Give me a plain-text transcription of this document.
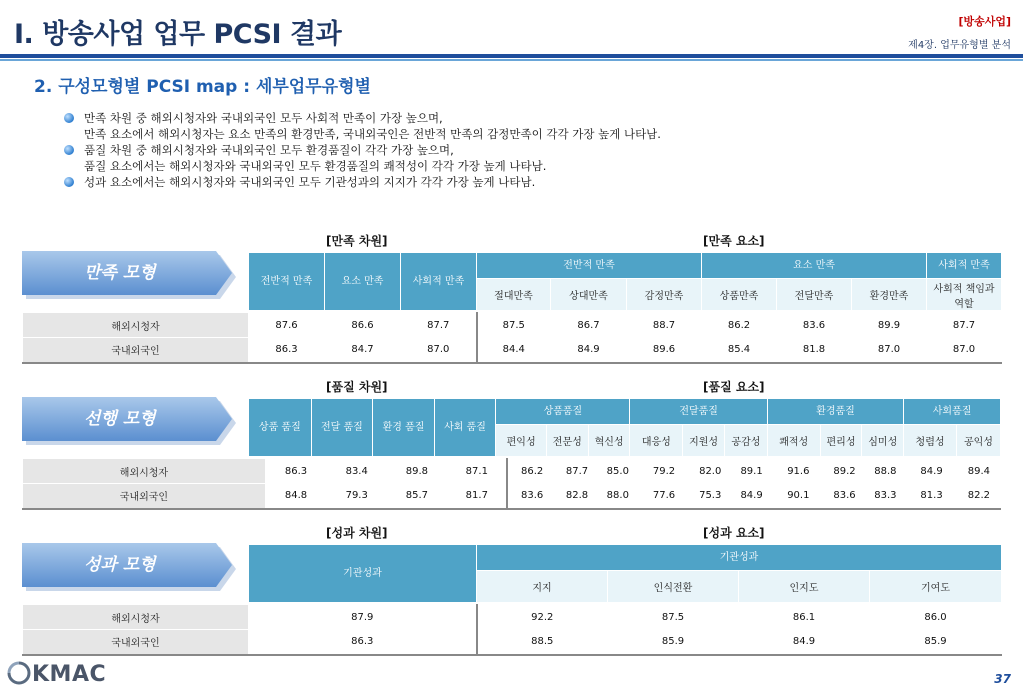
I. 방송사업 업무 PCSI 결과	[방송사업]
제4장. 업무유형별 분석
2. 구성모형별 PCSI map : 세부업무유형별
만족 차원 중 해외시청자와 국내외국인 모두 사회적 만족이 가장 높으며,
만족 요소에서 해외시청자는 요소 만족의 환경만족, 국내외국인은 전반적 만족의 감정만족이 각각 가장 높게 나타남.
품질 차원 중 해외시청자와 국내외국인 모두 환경품질이 각각 가장 높으며,
품질 요소에서는 해외시청자와 국내외국인 모두 환경품질의 쾌적성이 각각 가장 높게 나타남.
성과 요소에서는 해외시청자와 국내외국인 모두 기관성과의 지지가 각각 가장 높게 나타남.
[만족 차원]	[만족 요소]
만족 모형	전반적 만족	요소 만족	사회적 만족	전반적 만족			요소 만족			사회적 만족
			절대만족	상대만족	감정만족	상품만족	전달만족	환경만족	사회적 책임과 역할
해외시청자	87.6	86.6	87.7	87.5	86.7	88.7	86.2	83.6	89.9	87.7
국내외국인	86.3	84.7	87.0	84.4	84.9	89.6	85.4	81.8	87.0	87.0
[품질 차원]	[품질 요소]
선행 모형	상품 품질	전달 품질	환경 품질	사회 품질	상품품질			전달품질			환경품질			사회품질	
				편익성	전문성	혁신성	대응성	지원성	공감성	쾌적성	편리성	심미성	청렴성	공익성
해외시청자	86.3	83.4	89.8	87.1	86.2	87.7	85.0	79.2	82.0	89.1	91.6	89.2	88.8	84.9	89.4
국내외국인	84.8	79.3	85.7	81.7	83.6	82.8	88.0	77.6	75.3	84.9	90.1	83.6	83.3	81.3	82.2
[성과 차원]	[성과 요소]
성과 모형	기관성과	기관성과			
	지지	인식전환	인지도	기여도
해외시청자	87.9	92.2	87.5	86.1	86.0
국내외국인	86.3	88.5	85.9	84.9	85.9
KMAC	37
